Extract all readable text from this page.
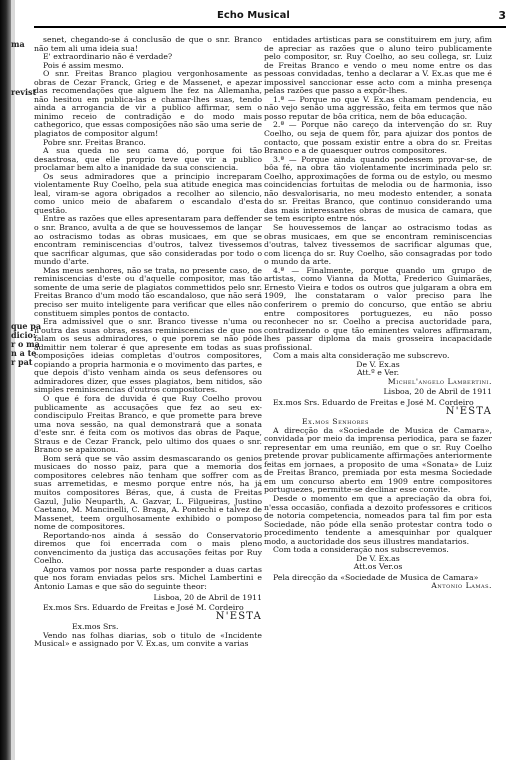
ma
revist
que pa
dicio:
r o ma
n a te
r pat
Echo Musical	3

senet, chegando-se á conclusão de que o snr. Branco não tem ali uma ideia sua!

E' extraordinario não é verdade?

Pois é assim mesmo.

O snr. Freitas Branco plagiou vergonhosamente as obras de Cezar Franck, Grieg e de Massenet, e apezar das recomendações que alguem lhe fez na Allemanha, não hesitou em publica-las e chamar-lhes suas, tendo ainda a arrogancia de vir a publico affirmar, sem o minimo receio de contradição e do modo mais cathegorico, que essas composições não são uma serie de plagiatos de compositor algum!

Pobre snr. Freitas Branco.

A sua queda no seu cama dó, porque foi tão desastrosa, que elle proprio teve que vir a publico proclamar bem alto a inanidade da sua consciencia.

Os seus admiradores que a principio increparam violentamente Ruy Coelho, pela sua atitude enegica mas leal, viram-se agora obrigados a recolher ao silencio, como unico meio de abafarem o escandalo d'esta questão.

Entre as razões que elles apresentaram para deffender o snr. Branco, avulta a de que se houvessemos de lançar ao ostracismo todas as obras musicaes, em que se encontram reminiscencias d'outros, talvez tivessemos que sacrificar algumas, que são consideradas por todo o mundo d'arte.

Mas meus senhores, não se trata, no presente caso, de reminiscencias d'este ou d'aquelle compositor, mas tão somente de uma serie de plagiatos commettidos pelo snr. Freitas Branco d'um modo tão escandaloso, que não será preciso ser muito inteligente para verificar que elles não constituem simples pontos de contacto.

Era admissivel que o snr. Branco tivesse n'uma ou n'outra das suas obras, essas reminiscencias de que nos falam os seus admiradores, o que porem se não póde admittir nem tolerar é que apresente em todas as suas composições ideias completas d'outros compositores, copiando a propria harmonia e o movimento das partes, e que depois d'isto venham ainda os seus defensores ou admiradores dizer, que esses plagiatos, bem nitidos, são simples reminiscencias d'outros compositores.

O que é fora de duvida é que Ruy Coelho provou publicamente as accusações que fez ao seu ex-condiscipulo Freitas Branco, e que promette para breve uma nova sessão, na qual demonstrará que a sonata d'este snr. é feita com os motivos das obras de Paque, Straus e de Cezar Franck, pelo ultimo dos quaes o snr. Branco se apaixonou.

Bom será que se vão assim desmascarando os genios musicaes do nosso paiz, para que a memoria dos compositores celebres não tenham que soffrer com as suas arremetidas, e mesmo porque entre nós, ha já muitos compositores Béras, que, á custa de Freitas Gazul, Julio Neuparth, A. Gazvar, L. Filgueiras, Justino Caetano, M. Mancinelli, C. Braga, A. Pontechi e talvez de Massenet, teem orgulhosamente exhibido o pomposo nome de compositores.

Reportando-nos ainda á sessão do Conservatorio diremos que foi encerrada com o mais pleno convencimento da justiça das accusações feitas por Ruy Coelho.

Agora vamos por nossa parte responder a duas cartas que nos foram enviadas pelos srs. Michel Lambertini e Antonio Lamas e que são do seguinte theor:

Lisboa, 20 de Abril de 1911

Ex.mos Srs. Eduardo de Freitas e José M. Cordeiro

N'ESTA

Ex.mos Srs.

Vendo nas folhas diarias, sob o titulo de «Incidente Musical» e assignado por V. Ex.as, um convite a varias

entidades artisticas para se constituirem em jury, afim de apreciar as razões que o aluno teiro publicamente pelo compositor, sr. Ruy Coelho, ao seu collega, sr. Luiz de Freitas Branco e vendo o meu nome entre os das pessoas convidadas, tenho a declarar a V. Ex.as que me é impossivel sanccionar esse acto com a minha presença pelas razões que passo a expôr-lhes.

1.ª — Porque no que V. Ex.as chamam pendencia, eu não vejo senão uma aggressão, feita em termos que não posso reputar de bôa critica, nem de bôa educação.

2.ª — Porque não careço da intervenção do sr. Ruy Coelho, ou seja de quem fôr, para ajuizar dos pontos de contacto, que possam existir entre a obra do sr. Freitas Branco e a de quaesquer outros compositores.

3.ª — Porque ainda quando podessem provar-se, de bôa fé, na obra tão violentamente incriminada pelo sr. Coelho, approximações de forma ou de estylo, ou mesmo coincidencias fortuitas de melodia ou de harmonia, isso não desvalorisaria, no meu modesto entender, a sonata do sr. Freitas Branco, que continuo considerando uma das mais interessantes obras de musica de camara, que se tem escripto entre nós.

Se houvessemos de lançar ao ostracismo todas as obras musicaes, em que se encontram reminiscencias d'outras, talvez tivessemos de sacrificar algumas que, com licença do sr. Ruy Coelho, são consagradas por todo o mundo da arte.

4.ª — Finalmente, porque quando um grupo de artistas, como Vianna da Motta, Frederico Guimarães, Ernesto Vieira e todos os outros que julgaram a obra em 1909, lhe constataram o valor preciso para lhe conferirem o premio do concurso, que então se abriu entre compositores portuguezes, eu não posso reconhecer no sr. Coelho a precisa auctoridade para, contradizendo o que tão eminentes valores affirmaram, lhes passar diploma da mais grosseira incapacidade profissional.

Com a mais alta consideração me subscrevo.

De V. Ex.as

Att.º e Ver.

Michel'angelo Lambertini.

Lisboa, 20 de Abril de 1911

Ex.mos Srs. Eduardo de Freitas e José M. Cordeiro

N'ESTA

Ex.mos Senhores

A direcção da «Sociedade de Musica de Camara», convidada por meio da imprensa periodica, para se fazer representar em uma reunião, em que o sr. Ruy Coelho pretende provar publicamente affirmações anteriormente feitas em jornaes, a proposito de uma «Sonata» de Luiz de Freitas Branco, premiada por esta mesma Sociedade em um concurso aberto em 1909 entre compositores portuguezes, permitte-se declinar esse convite.

Desde o momento em que a apreciação da obra foi, n'essa occasião, confiada a dezoito professores e criticos de notoria competencia, nomeados para tal fim por esta Sociedade, não póde ella senão protestar contra todo o procedimento tendente a amesquinhar por qualquer modo, a auctoridade dos seus illustres mandatarios.

Com toda a consideração nos subscrevemos.

De V. Ex.as

Att.os Ver.os

Pela direcção da «Sociedade de Musica de Camara»

Antonio Lamas.
